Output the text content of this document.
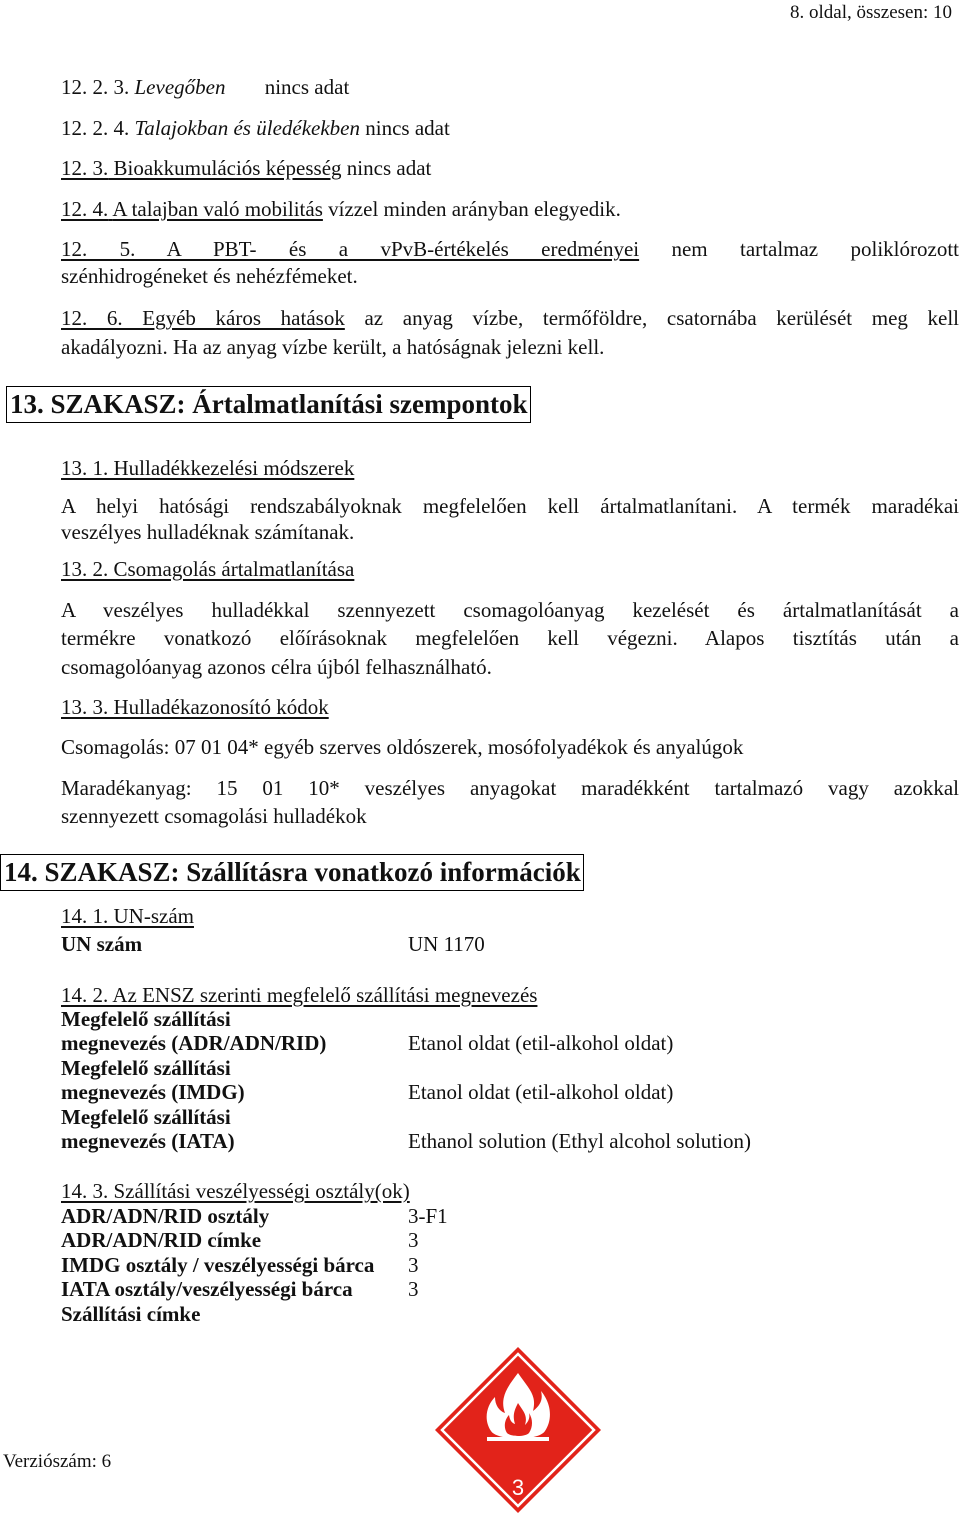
8. oldal, összesen: 10
12. 2. 3. Levegőben nincs adat
12. 2. 4. Talajokban és üledékekben nincs adat
12. 3. Bioakkumulációs képesség nincs adat
12. 4. A talajban való mobilitás vízzel minden arányban elegyedik.
12. 5. A PBT- és a vPvB-értékelés eredményei nem tartalmaz poliklórozott
szénhidrogéneket és nehézfémeket.
12. 6. Egyéb káros hatások az anyag vízbe, termőföldre, csatornába kerülését meg kell
akadályozni. Ha az anyag vízbe került, a hatóságnak jelezni kell.
13. SZAKASZ: Ártalmatlanítási szempontok
13. 1. Hulladékkezelési módszerek
A helyi hatósági rendszabályoknak megfelelően kell ártalmatlanítani. A termék maradékai
veszélyes hulladéknak számítanak.
13. 2. Csomagolás ártalmatlanítása
A veszélyes hulladékkal szennyezett csomagolóanyag kezelését és ártalmatlanítását a
termékre vonatkozó előírásoknak megfelelően kell végezni. Alapos tisztítás után a
csomagolóanyag azonos célra újból felhasználható.
13. 3. Hulladékazonosító kódok
Csomagolás: 07 01 04* egyéb szerves oldószerek, mosófolyadékok és anyalúgok
Maradékanyag: 15 01 10* veszélyes anyagokat maradékként tartalmazó vagy azokkal
szennyezett csomagolási hulladékok
14. SZAKASZ: Szállításra vonatkozó információk
14. 1. UN-szám
UN szám	UN 1170
14. 2. Az ENSZ szerinti megfelelő szállítási megnevezés
Megfelelő szállítási
megnevezés (ADR/ADN/RID)	Etanol oldat (etil-alkohol oldat)
Megfelelő szállítási
megnevezés (IMDG)	Etanol oldat (etil-alkohol oldat)
Megfelelő szállítási
megnevezés (IATA)	Ethanol solution (Ethyl alcohol solution)
14. 3. Szállítási veszélyességi osztály(ok)
ADR/ADN/RID osztály	3-F1
ADR/ADN/RID címke	3
IMDG osztály / veszélyességi bárca 3
IATA osztály/veszélyességi bárca	3
Szállítási címke
3
Verziószám: 6
